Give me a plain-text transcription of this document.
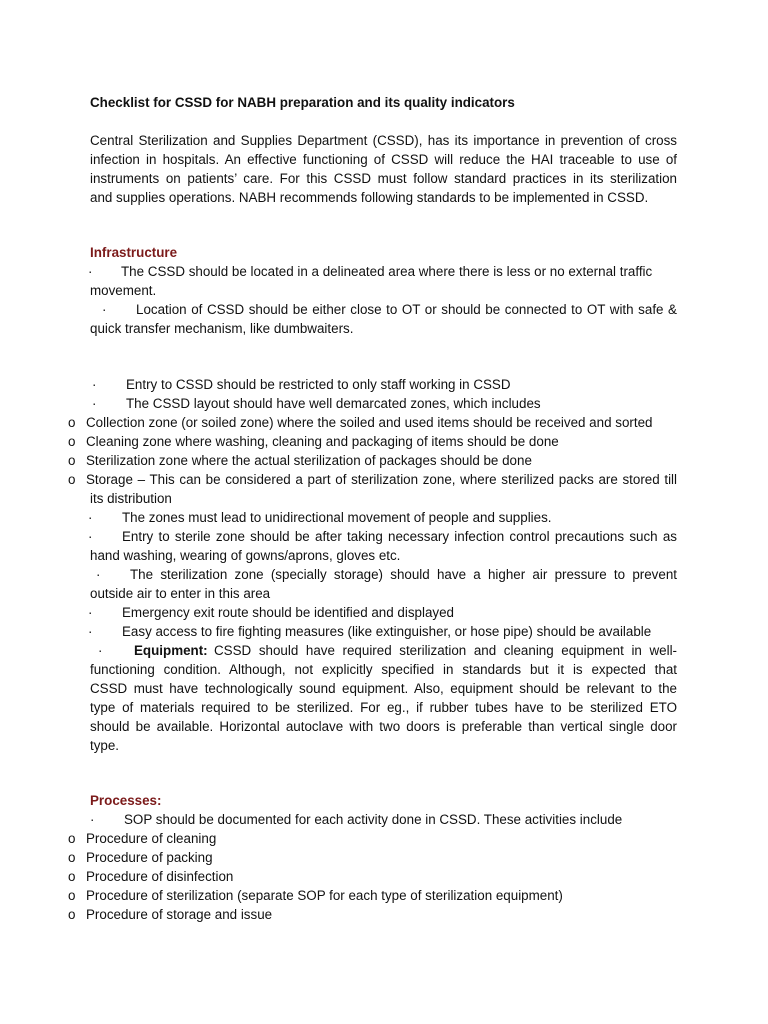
Checklist for CSSD for NABH preparation and its quality indicators
Central Sterilization and Supplies Department (CSSD), has its importance in prevention of cross
infection in hospitals. An effective functioning of CSSD will reduce the HAI traceable to use of
instruments on patients’ care. For this CSSD must follow standard practices in its sterilization
and supplies operations. NABH recommends following standards to be implemented in CSSD.
Infrastructure
· The CSSD should be located in a delineated area where there is less or no external traffic
movement.
· Location of CSSD should be either close to OT or should be connected to OT with safe &
quick transfer mechanism, like dumbwaiters.
· Entry to CSSD should be restricted to only staff working in CSSD
· The CSSD layout should have well demarcated zones, which includes
o Collection zone (or soiled zone) where the soiled and used items should be received and sorted
o Cleaning zone where washing, cleaning and packaging of items should be done
o Sterilization zone where the actual sterilization of packages should be done
o Storage – This can be considered a part of sterilization zone, where sterilized packs are stored till
its distribution
· The zones must lead to unidirectional movement of people and supplies.
· Entry to sterile zone should be after taking necessary infection control precautions such as
hand washing, wearing of gowns/aprons, gloves etc.
· The sterilization zone (specially storage) should have a higher air pressure to prevent
outside air to enter in this area
· Emergency exit route should be identified and displayed
· Easy access to fire fighting measures (like extinguisher, or hose pipe) should be available
· Equipment: CSSD should have required sterilization and cleaning equipment in well-
functioning condition. Although, not explicitly specified in standards but it is expected that
CSSD must have technologically sound equipment. Also, equipment should be relevant to the
type of materials required to be sterilized. For eg., if rubber tubes have to be sterilized ETO
should be available. Horizontal autoclave with two doors is preferable than vertical single door
type.
Processes:
· SOP should be documented for each activity done in CSSD. These activities include
o Procedure of cleaning
o Procedure of packing
o Procedure of disinfection
o Procedure of sterilization (separate SOP for each type of sterilization equipment)
o Procedure of storage and issue
